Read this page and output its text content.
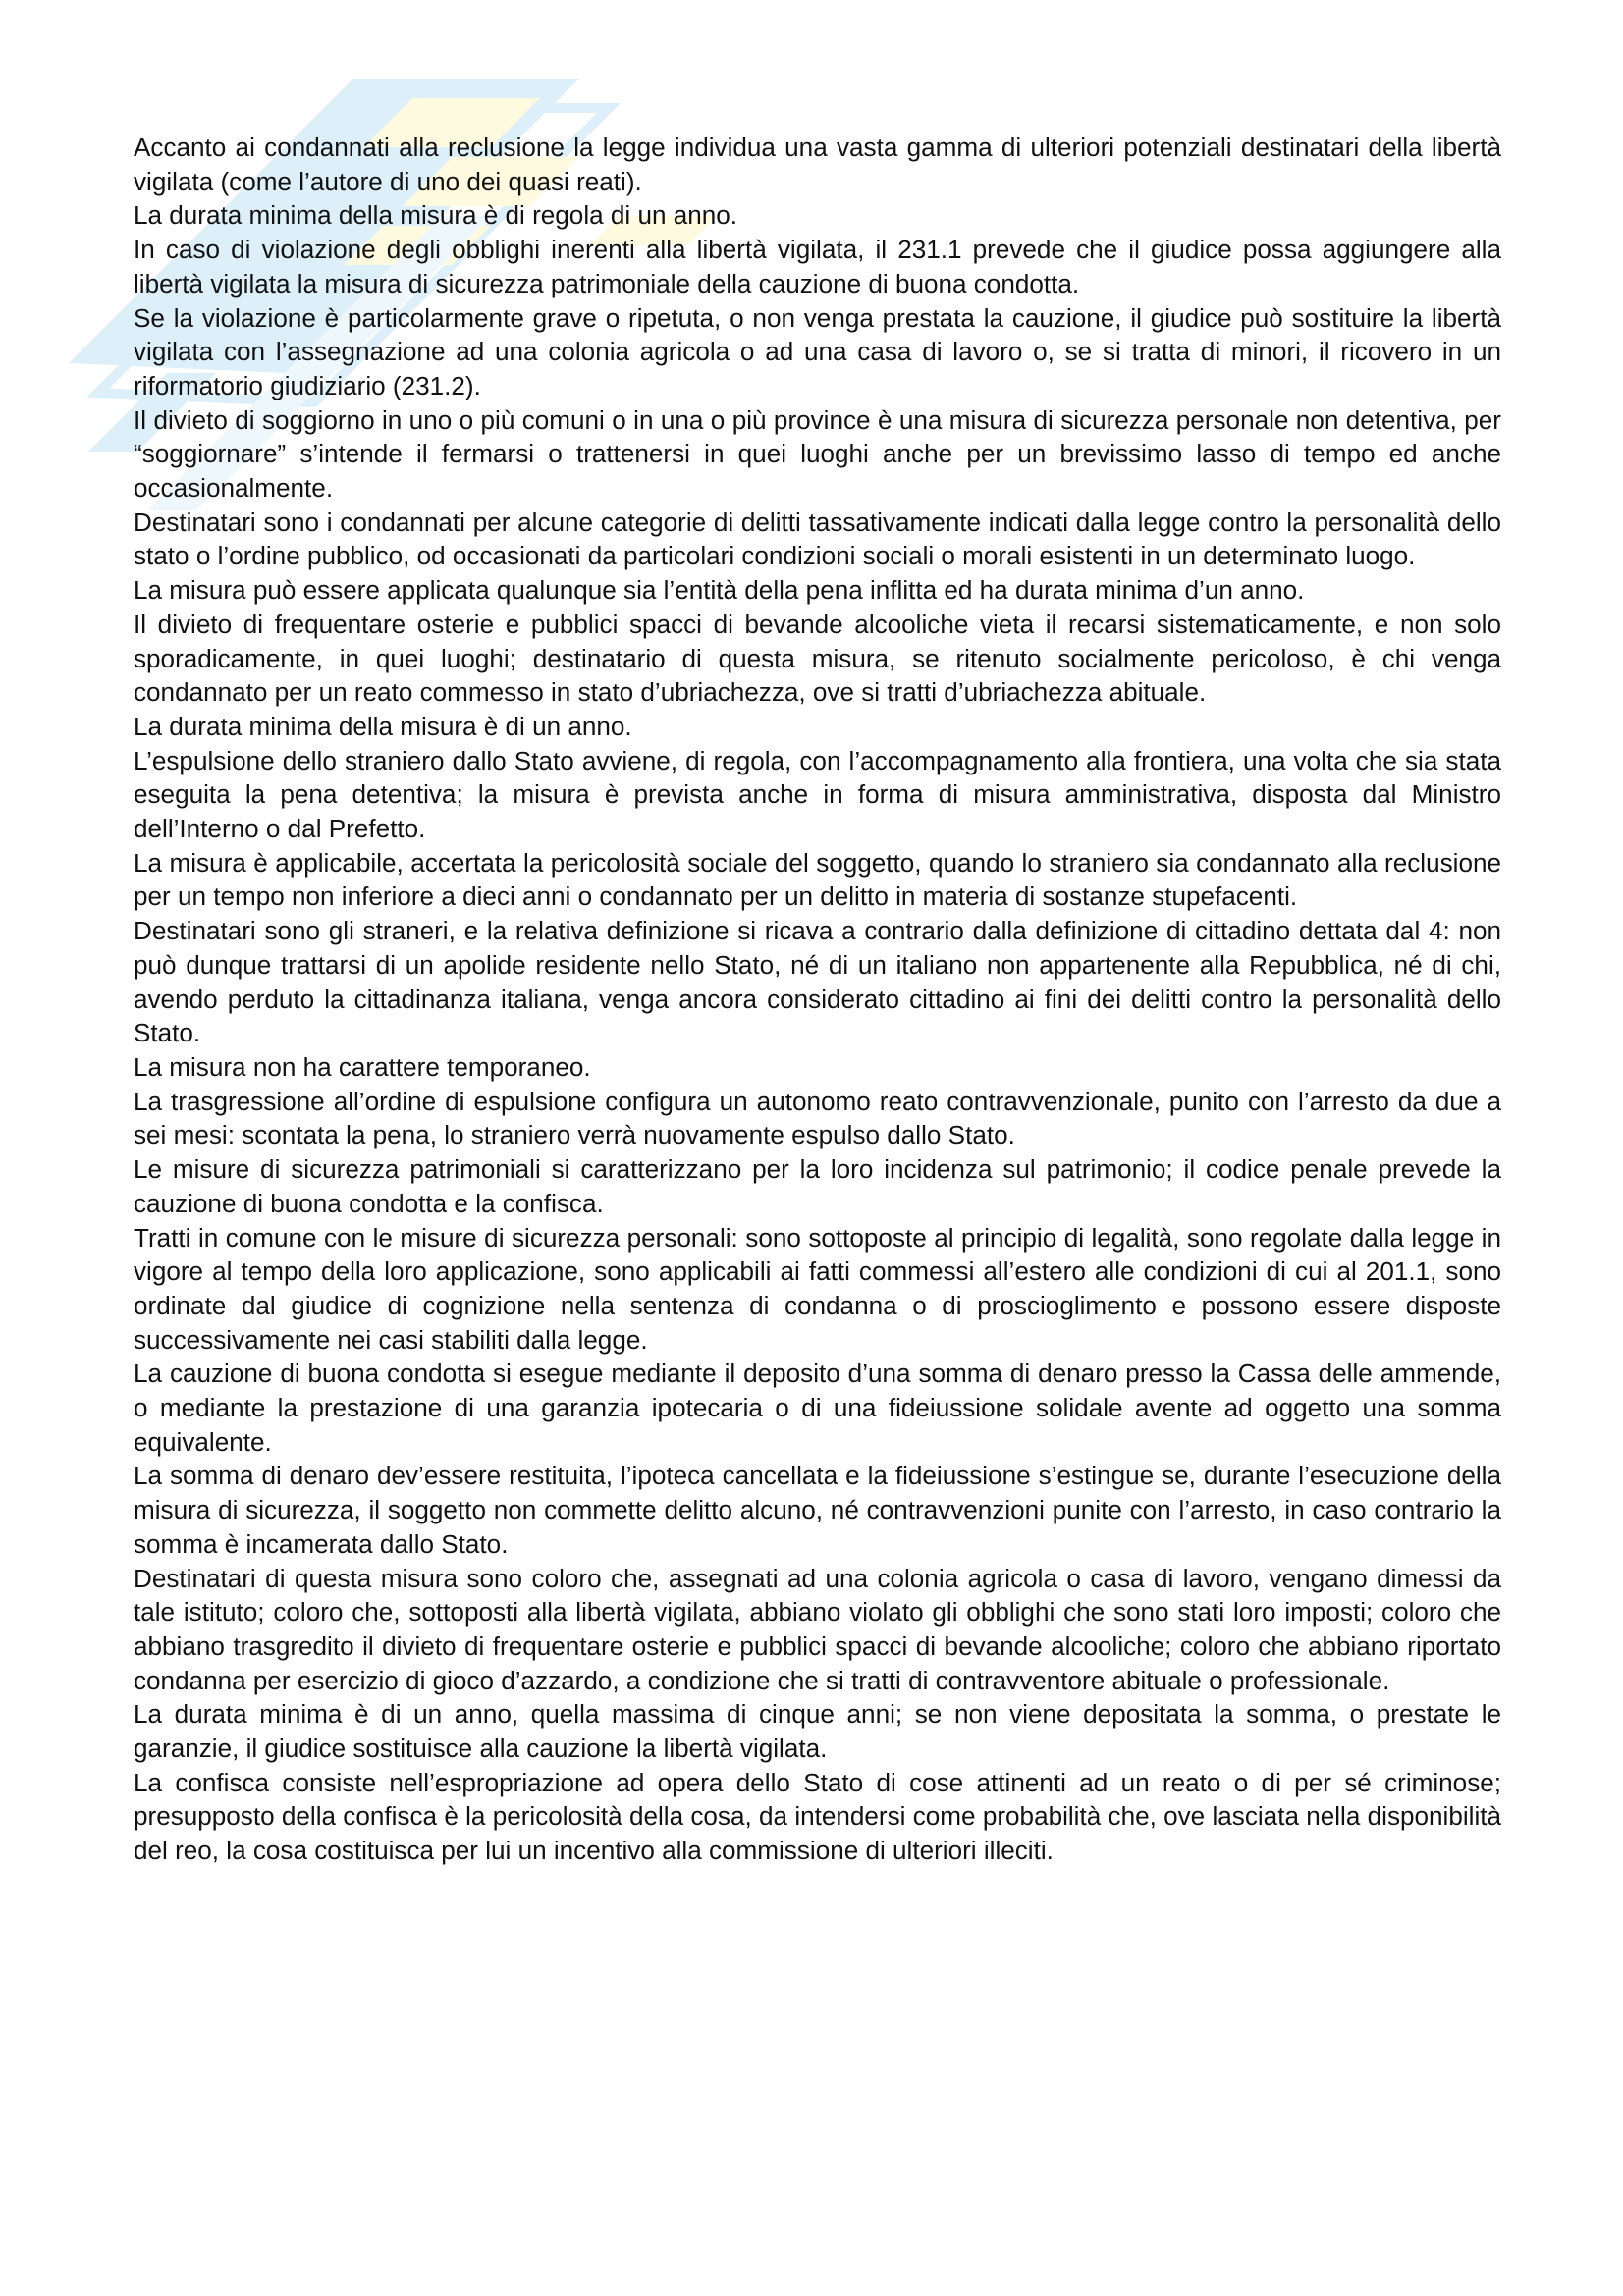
Accanto ai condannati alla reclusione la legge individua una vasta gamma di ulteriori potenziali destinatari della libertà vigilata (come l’autore di uno dei quasi reati).

La durata minima della misura è di regola di un anno.

In caso di violazione degli obblighi inerenti alla libertà vigilata, il 231.1 prevede che il giudice possa aggiungere alla libertà vigilata la misura di sicurezza patrimoniale della cauzione di buona condotta.

Se la violazione è particolarmente grave o ripetuta, o non venga prestata la cauzione, il giudice può sostituire la libertà vigilata con l’assegnazione ad una colonia agricola o ad una casa di lavoro o, se si tratta di minori, il ricovero in un riformatorio giudiziario (231.2).

Il divieto di soggiorno in uno o più comuni o in una o più province è una misura di sicurezza personale non detentiva, per “soggiornare” s’intende il fermarsi o trattenersi in quei luoghi anche per un brevissimo lasso di tempo ed anche occasionalmente.

Destinatari sono i condannati per alcune categorie di delitti tassativamente indicati dalla legge contro la personalità dello stato o l’ordine pubblico, od occasionati da particolari condizioni sociali o morali esistenti in un determinato luogo.

La misura può essere applicata qualunque sia l’entità della pena inflitta ed ha durata minima d’un anno.

Il divieto di frequentare osterie e pubblici spacci di bevande alcooliche vieta il recarsi sistematicamente, e non solo sporadicamente, in quei luoghi; destinatario di questa misura, se ritenuto socialmente pericoloso, è chi venga condannato per un reato commesso in stato d’ubriachezza, ove si tratti d’ubriachezza abituale.

La durata minima della misura è di un anno.

L’espulsione dello straniero dallo Stato avviene, di regola, con l’accompagnamento alla frontiera, una volta che sia stata eseguita la pena detentiva; la misura è prevista anche in forma di misura amministrativa, disposta dal Ministro dell’Interno o dal Prefetto.

La misura è applicabile, accertata la pericolosità sociale del soggetto, quando lo straniero sia condannato alla reclusione per un tempo non inferiore a dieci anni o condannato per un delitto in materia di sostanze stupefacenti.

Destinatari sono gli straneri, e la relativa definizione si ricava a contrario dalla definizione di cittadino dettata dal 4: non può dunque trattarsi di un apolide residente nello Stato, né di un italiano non appartenente alla Repubblica, né di chi, avendo perduto la cittadinanza italiana, venga ancora considerato cittadino ai fini dei delitti contro la personalità dello Stato.

La misura non ha carattere temporaneo.

La trasgressione all’ordine di espulsione configura un autonomo reato contravvenzionale, punito con l’arresto da due a sei mesi: scontata la pena, lo straniero verrà nuovamente espulso dallo Stato.

Le misure di sicurezza patrimoniali si caratterizzano per la loro incidenza sul patrimonio; il codice penale prevede la cauzione di buona condotta e la confisca.

Tratti in comune con le misure di sicurezza personali: sono sottoposte al principio di legalità, sono regolate dalla legge in vigore al tempo della loro applicazione, sono applicabili ai fatti commessi all’estero alle condizioni di cui al 201.1, sono ordinate dal giudice di cognizione nella sentenza di condanna o di proscioglimento e possono essere disposte successivamente nei casi stabiliti dalla legge.

La cauzione di buona condotta si esegue mediante il deposito d’una somma di denaro presso la Cassa delle ammende, o mediante la prestazione di una garanzia ipotecaria o di una fideiussione solidale avente ad oggetto una somma equivalente.

La somma di denaro dev’essere restituita, l’ipoteca cancellata e la fideiussione s’estingue se, durante l’esecuzione della misura di sicurezza, il soggetto non commette delitto alcuno, né contravvenzioni punite con l’arresto, in caso contrario la somma è incamerata dallo Stato.

Destinatari di questa misura sono coloro che, assegnati ad una colonia agricola o casa di lavoro, vengano dimessi da tale istituto; coloro che, sottoposti alla libertà vigilata, abbiano violato gli obblighi che sono stati loro imposti; coloro che abbiano trasgredito il divieto di frequentare osterie e pubblici spacci di bevande alcooliche; coloro che abbiano riportato condanna per esercizio di gioco d’azzardo, a condizione che si tratti di contravventore abituale o professionale.

La durata minima è di un anno, quella massima di cinque anni; se non viene depositata la somma, o prestate le garanzie, il giudice sostituisce alla cauzione la libertà vigilata.

La confisca consiste nell’espropriazione ad opera dello Stato di cose attinenti ad un reato o di per sé criminose; presupposto della confisca è la pericolosità della cosa, da intendersi come probabilità che, ove lasciata nella disponibilità del reo, la cosa costituisca per lui un incentivo alla commissione di ulteriori illeciti.
